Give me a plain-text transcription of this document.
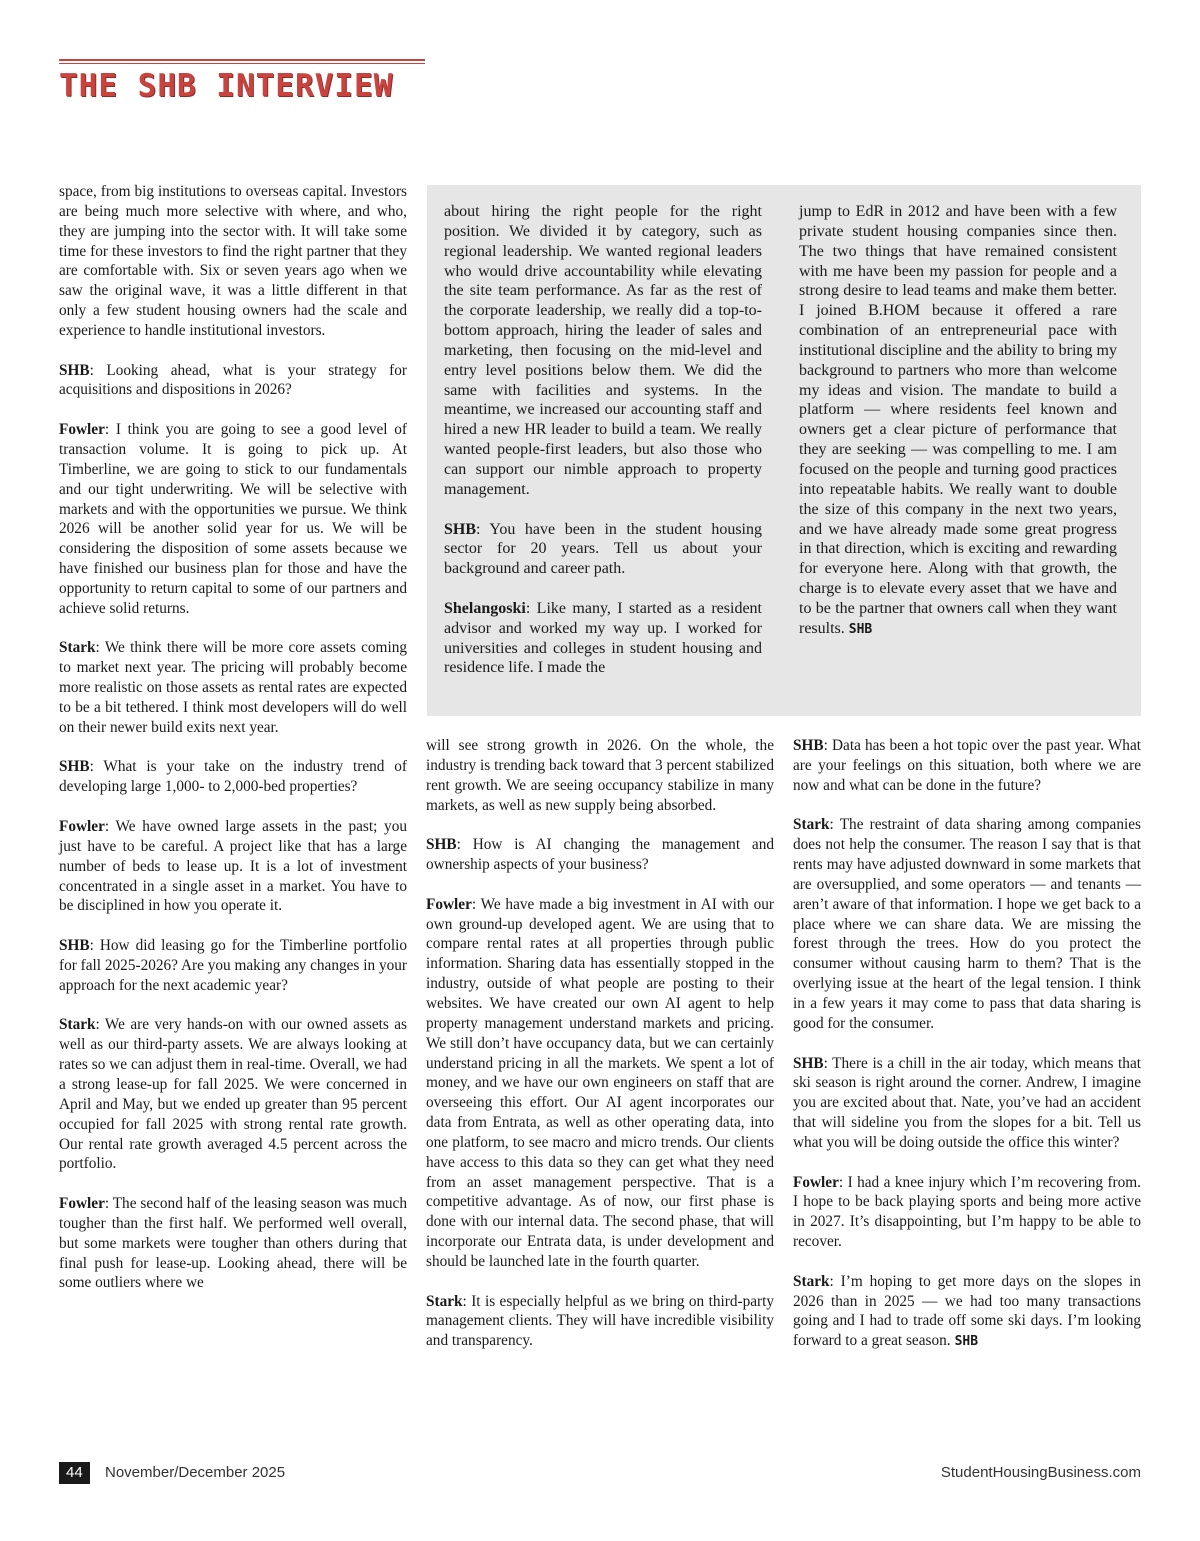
THE SHB INTERVIEW

space, from big institutions to overseas capital. Investors are being much more selective with where, and who, they are jumping into the sector with. It will take some time for these investors to find the right partner that they are comfortable with. Six or seven years ago when we saw the original wave, it was a little different in that only a few student housing owners had the scale and experience to handle institutional investors.

SHB: Looking ahead, what is your strategy for acquisitions and dispositions in 2026?

Fowler: I think you are going to see a good level of transaction volume. It is going to pick up. At Timberline, we are going to stick to our fundamentals and our tight underwriting. We will be selective with markets and with the opportunities we pursue. We think 2026 will be another solid year for us. We will be considering the disposition of some assets because we have finished our business plan for those and have the opportunity to return capital to some of our partners and achieve solid returns.

Stark: We think there will be more core assets coming to market next year. The pricing will probably become more realistic on those assets as rental rates are expected to be a bit tethered. I think most developers will do well on their newer build exits next year.

SHB: What is your take on the industry trend of developing large 1,000- to 2,000-bed properties?

Fowler: We have owned large assets in the past; you just have to be careful. A project like that has a large number of beds to lease up. It is a lot of investment concentrated in a single asset in a market. You have to be disciplined in how you operate it.

SHB: How did leasing go for the Timberline portfolio for fall 2025-2026? Are you making any changes in your approach for the next academic year?

Stark: We are very hands-on with our owned assets as well as our third-party assets. We are always looking at rates so we can adjust them in real-time. Overall, we had a strong lease-up for fall 2025. We were concerned in April and May, but we ended up greater than 95 percent occupied for fall 2025 with strong rental rate growth. Our rental rate growth averaged 4.5 percent across the portfolio.

Fowler: The second half of the leasing season was much tougher than the first half. We performed well overall, but some markets were tougher than others during that final push for lease-up. Looking ahead, there will be some outliers where we

about hiring the right people for the right position. We divided it by category, such as regional leadership. We wanted regional leaders who would drive accountability while elevating the site team performance. As far as the rest of the corporate leadership, we really did a top-to-bottom approach, hiring the leader of sales and marketing, then focusing on the mid-level and entry level positions below them. We did the same with facilities and systems. In the meantime, we increased our accounting staff and hired a new HR leader to build a team. We really wanted people-first leaders, but also those who can support our nimble approach to property management.

SHB: You have been in the student housing sector for 20 years. Tell us about your background and career path.

Shelangoski: Like many, I started as a resident advisor and worked my way up. I worked for universities and colleges in student housing and residence life. I made the

jump to EdR in 2012 and have been with a few private student housing companies since then. The two things that have remained consistent with me have been my passion for people and a strong desire to lead teams and make them better. I joined B.HOM because it offered a rare combination of an entrepreneurial pace with institutional discipline and the ability to bring my background to partners who more than welcome my ideas and vision. The mandate to build a platform — where residents feel known and owners get a clear picture of performance that they are seeking — was compelling to me. I am focused on the people and turning good practices into repeatable habits. We really want to double the size of this company in the next two years, and we have already made some great progress in that direction, which is exciting and rewarding for everyone here. Along with that growth, the charge is to elevate every asset that we have and to be the partner that owners call when they want results. SHB

will see strong growth in 2026. On the whole, the industry is trending back toward that 3 percent stabilized rent growth. We are seeing occupancy stabilize in many markets, as well as new supply being absorbed.

SHB: How is AI changing the management and ownership aspects of your business?

Fowler: We have made a big investment in AI with our own ground-up developed agent. We are using that to compare rental rates at all properties through public information. Sharing data has essentially stopped in the industry, outside of what people are posting to their websites. We have created our own AI agent to help property management understand markets and pricing. We still don’t have occupancy data, but we can certainly understand pricing in all the markets. We spent a lot of money, and we have our own engineers on staff that are overseeing this effort. Our AI agent incorporates our data from Entrata, as well as other operating data, into one platform, to see macro and micro trends. Our clients have access to this data so they can get what they need from an asset management perspective. That is a competitive advantage. As of now, our first phase is done with our internal data. The second phase, that will incorporate our Entrata data, is under development and should be launched late in the fourth quarter.

Stark: It is especially helpful as we bring on third-party management clients. They will have incredible visibility and transparency.

SHB: Data has been a hot topic over the past year. What are your feelings on this situation, both where we are now and what can be done in the future?

Stark: The restraint of data sharing among companies does not help the consumer. The reason I say that is that rents may have adjusted downward in some markets that are oversupplied, and some operators — and tenants — aren’t aware of that information. I hope we get back to a place where we can share data. We are missing the forest through the trees. How do you protect the consumer without causing harm to them? That is the overlying issue at the heart of the legal tension. I think in a few years it may come to pass that data sharing is good for the consumer.

SHB: There is a chill in the air today, which means that ski season is right around the corner. Andrew, I imagine you are excited about that. Nate, you’ve had an accident that will sideline you from the slopes for a bit. Tell us what you will be doing outside the office this winter?

Fowler: I had a knee injury which I’m recovering from. I hope to be back playing sports and being more active in 2027. It’s disappointing, but I’m happy to be able to recover.

Stark: I’m hoping to get more days on the slopes in 2026 than in 2025 — we had too many transactions going and I had to trade off some ski days. I’m looking forward to a great season. SHB

44	November/December 2025	StudentHousingBusiness.com
